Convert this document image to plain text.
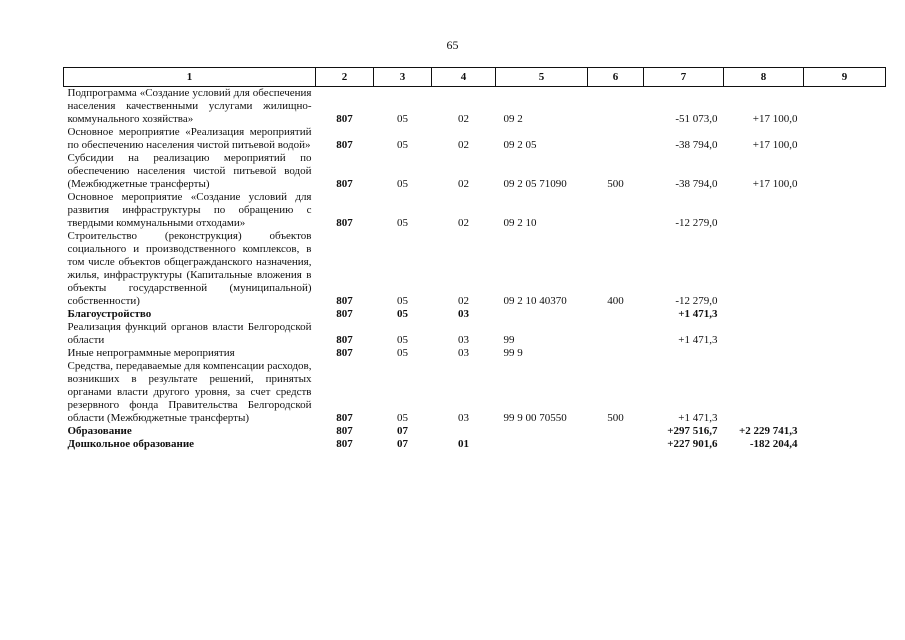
65
1	2	3	4	5	6	7	8	9
Подпрограмма «Создание условий для обеспечения населения качественными услугами жилищно-коммунального хозяйства»	807	05	02	09 2		-51 073,0	+17 100,0	
Основное мероприятие «Реализация мероприятий по обеспечению населения чистой питьевой водой»	807	05	02	09 2 05		-38 794,0	+17 100,0	
Субсидии на реализацию мероприятий по обеспечению населения чистой питьевой водой (Межбюджетные трансферты)	807	05	02	09 2 05 71090	500	-38 794,0	+17 100,0	
Основное мероприятие «Создание условий для развития инфраструктуры по обращению с твердыми коммунальными отходами»	807	05	02	09 2 10		-12 279,0		
Строительство (реконструкция) объектов социального и производственного комплексов, в том числе объектов общегражданского назначения, жилья, инфраструктуры (Капитальные вложения в объекты государственной (муниципальной) собственности)	807	05	02	09 2 10 40370	400	-12 279,0		
Благоустройство	807	05	03			+1 471,3		
Реализация функций органов власти Белгородской области	807	05	03	99		+1 471,3		
Иные непрограммные мероприятия	807	05	03	99 9				
Средства, передаваемые для компенсации расходов, возникших в результате решений, принятых органами власти другого уровня, за счет средств резервного фонда Правительства Белгородской области (Межбюджетные трансферты)	807	05	03	99 9 00 70550	500	+1 471,3		
Образование	807	07				+297 516,7	+2 229 741,3	
Дошкольное образование	807	07	01			+227 901,6	-182 204,4	
